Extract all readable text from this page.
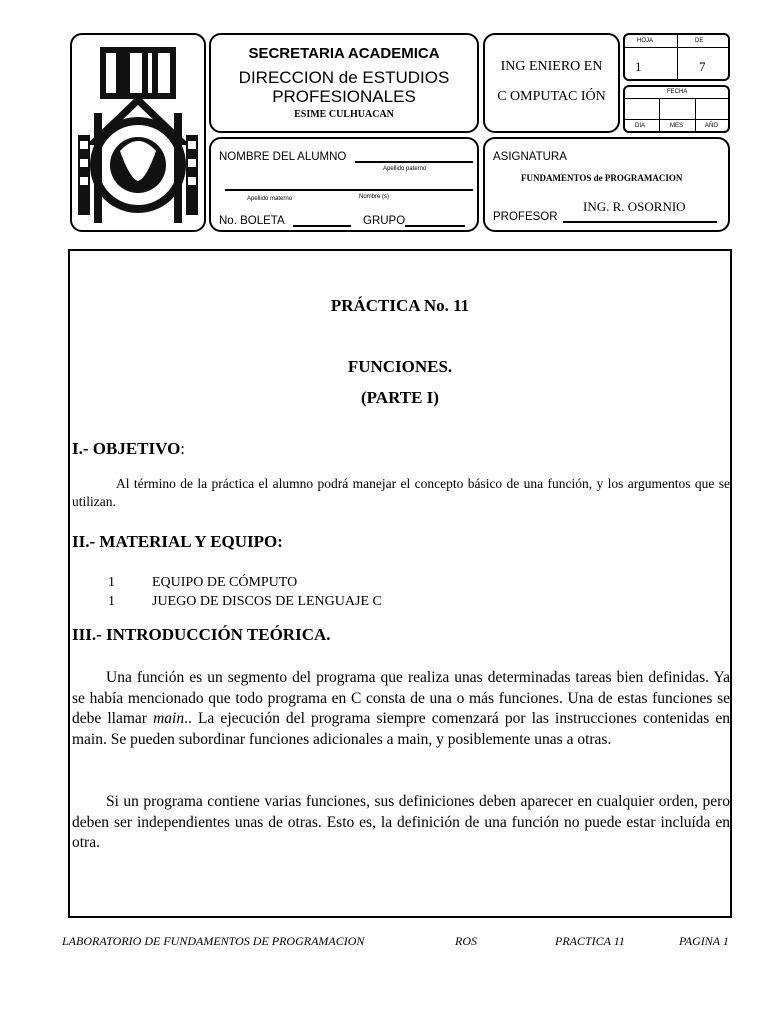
SECRETARIA ACADEMICA
DIRECCION de ESTUDIOS
PROFESIONALES
ESIME CULHUACAN
ING ENIERO EN
C OMPUTAC IÓN
HOJA	DE
1	7
FECHA
DIA	MES	AÑO
NOMBRE DEL ALUMNO
Apellido paterno
Apellido materno	Nombre (s)
No. BOLETA	GRUPO
ASIGNATURA
FUNDAMENTOS de PROGRAMACION
ING. R. OSORNIO
PROFESOR
PRÁCTICA No. 11
FUNCIONES.
(PARTE I)
I.- OBJETIVO:
Al término de la práctica el alumno podrá manejar el concepto básico de una función, y los argumentos que se utilizan.
II.- MATERIAL Y EQUIPO:
1	EQUIPO DE CÓMPUTO
1	JUEGO DE DISCOS DE LENGUAJE C
III.- INTRODUCCIÓN TEÓRICA.
Una función es un segmento del programa que realiza unas determinadas tareas bien definidas. Ya se había mencionado que todo programa en C consta de una o más funciones. Una de estas funciones se debe llamar main.. La ejecución del programa siempre comenzará por las instrucciones contenidas en main. Se pueden subordinar funciones adicionales a main, y posiblemente unas a otras.
Si un programa contiene varias funciones, sus definiciones deben aparecer en cualquier orden, pero deben ser independientes unas de otras. Esto es, la definición de una función no puede estar incluída en otra.
LABORATORIO DE FUNDAMENTOS DE PROGRAMACION	ROS	PRACTICA 11	PAGINA 1
